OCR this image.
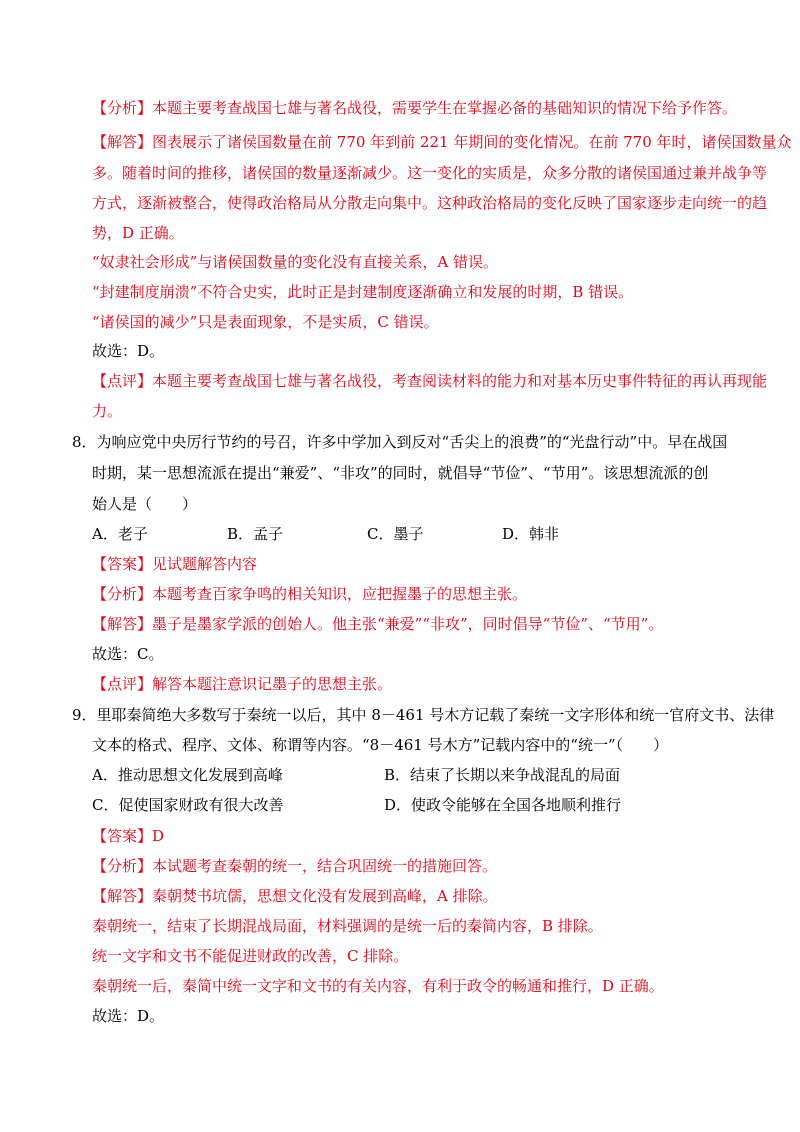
【分析】本题主要考查战国七雄与著名战役，需要学生在掌握必备的基础知识的情况下给予作答。
【解答】图表展示了诸侯国数量在前 770 年到前 221 年期间的变化情况。在前 770 年时，诸侯国数量众
多。随着时间的推移，诸侯国的数量逐渐减少。这一变化的实质是，众多分散的诸侯国通过兼并战争等
方式，逐渐被整合，使得政治格局从分散走向集中。这种政治格局的变化反映了国家逐步走向统一的趋
势，D 正确。
“奴隶社会形成”与诸侯国数量的变化没有直接关系，A 错误。
“封建制度崩溃”不符合史实，此时正是封建制度逐渐确立和发展的时期，B 错误。
“诸侯国的减少”只是表面现象，不是实质，C 错误。
故选：D。
【点评】本题主要考查战国七雄与著名战役，考查阅读材料的能力和对基本历史事件特征的再认再现能
力。
8．为响应党中央厉行节约的号召，许多中学加入到反对“舌尖上的浪费”的“光盘行动”中。早在战国
时期，某一思想流派在提出“兼爱”、“非攻”的同时，就倡导“节俭”、“节用”。该思想流派的创
始人是（　　）
A．老子	B．孟子	C．墨子	D．韩非
【答案】见试题解答内容
【分析】本题考查百家争鸣的相关知识，应把握墨子的思想主张。
【解答】墨子是墨家学派的创始人。他主张“兼爱”“非攻”，同时倡导“节俭”、“节用”。
故选：C。
【点评】解答本题注意识记墨子的思想主张。
9．里耶秦简绝大多数写于秦统一以后，其中 8－461 号木方记载了秦统一文字形体和统一官府文书、法律
文本的格式、程序、文体、称谓等内容。“8－461 号木方”记载内容中的“统一”（　　）
A．推动思想文化发展到高峰	B．结束了长期以来争战混乱的局面
C．促使国家财政有很大改善	D．使政令能够在全国各地顺利推行
【答案】D
【分析】本试题考查秦朝的统一，结合巩固统一的措施回答。
【解答】秦朝焚书坑儒，思想文化没有发展到高峰，A 排除。
秦朝统一，结束了长期混战局面，材料强调的是统一后的秦简内容，B 排除。
统一文字和文书不能促进财政的改善，C 排除。
秦朝统一后，秦简中统一文字和文书的有关内容，有利于政令的畅通和推行，D 正确。
故选：D。
